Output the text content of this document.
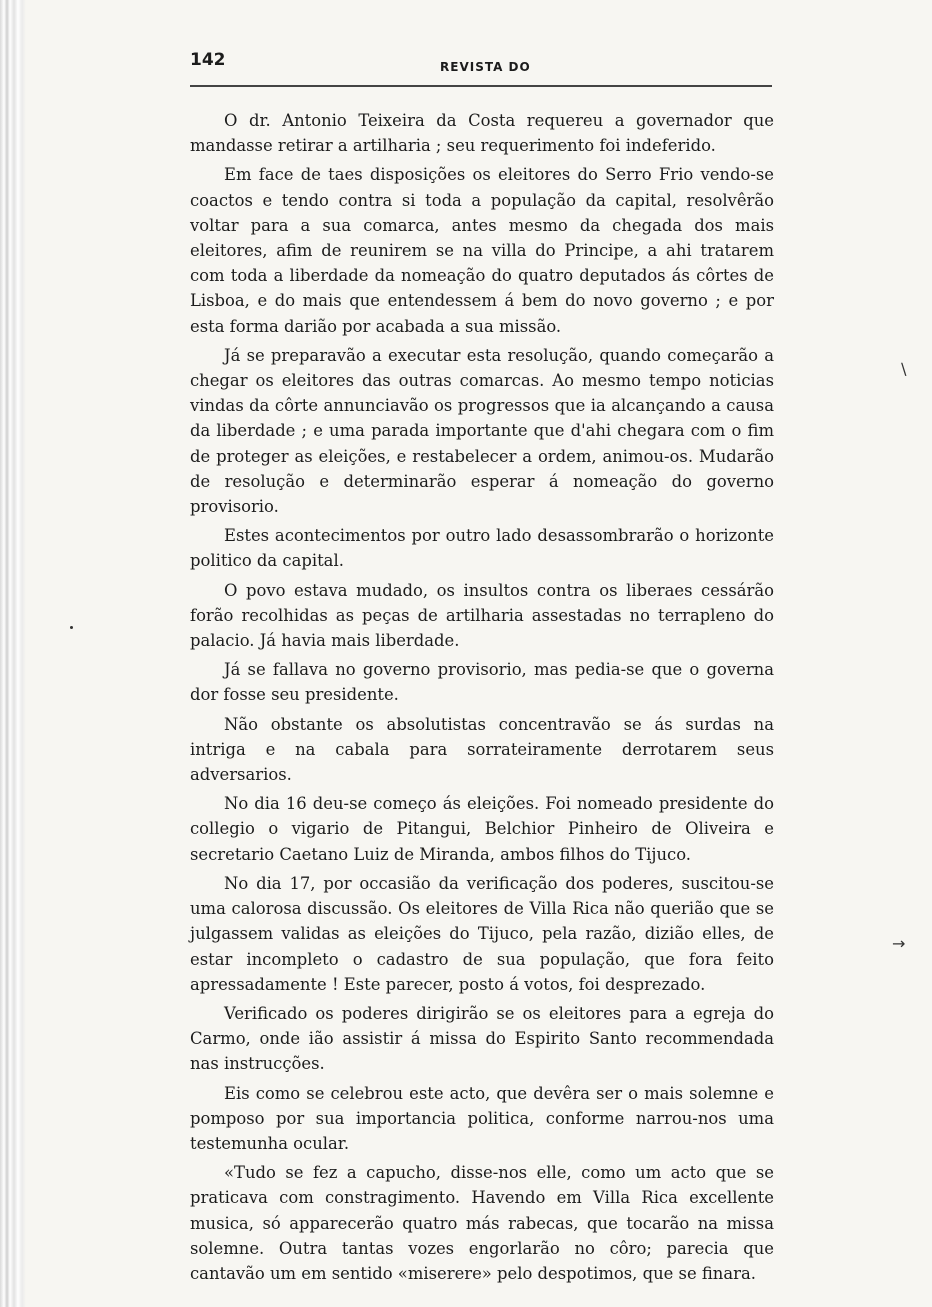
142	REVISTA DO

O dr. Antonio Teixeira da Costa requereu a governador que mandasse retirar a artilharia ; seu requerimento foi indeferido.

Em face de taes disposições os eleitores do Serro Frio vendo-se coactos e tendo contra si toda a população da capital, resolvêrão voltar para a sua comarca, antes mesmo da chegada dos mais eleitores, afim de reunirem se na villa do Principe, a ahi tratarem com toda a liberdade da nomeação do quatro deputados ás côrtes de Lisboa, e do mais que entendessem á bem do novo governo ; e por esta forma darião por acabada a sua missão.

Já se preparavão a executar esta resolução, quando começarão a chegar os eleitores das outras comarcas. Ao mesmo tempo noticias vindas da côrte annunciavão os progressos que ia alcançando a causa da liberdade ; e uma parada importante que d'ahi chegara com o fim de proteger as eleições, e restabelecer a ordem, animou-os. Mudarão de resolução e determinarão esperar á nomeação do governo provisorio.

Estes acontecimentos por outro lado desassombrarão o horizonte politico da capital.

O povo estava mudado, os insultos contra os liberaes cessárão forão recolhidas as peças de artilharia assestadas no terrapleno do palacio. Já havia mais liberdade.

Já se fallava no governo provisorio, mas pedia-se que o governa dor fosse seu presidente.

Não obstante os absolutistas concentravão se ás surdas na intriga e na cabala para sorrateiramente derrotarem seus adversarios.

No dia 16 deu-se começo ás eleições. Foi nomeado presidente do collegio o vigario de Pitangui, Belchior Pinheiro de Oliveira e secretario Caetano Luiz de Miranda, ambos filhos do Tijuco.

No dia 17, por occasião da verificação dos poderes, suscitou-se uma calorosa discussão. Os eleitores de Villa Rica não querião que se julgassem validas as eleições do Tijuco, pela razão, dizião elles, de estar incompleto o cadastro de sua população, que fora feito apressadamente ! Este parecer, posto á votos, foi desprezado.

Verificado os poderes dirigirão se os eleitores para a egreja do Carmo, onde ião assistir á missa do Espirito Santo recommendada nas instrucções.

Eis como se celebrou este acto, que devêra ser o mais solemne e pomposo por sua importancia politica, conforme narrou-nos uma testemunha ocular.

«Tudo se fez a capucho, disse-nos elle, como um acto que se praticava com constragimento. Havendo em Villa Rica excellente musica, só apparecerão quatro más rabecas, que tocarão na missa solemne. Outra tantas vozes engorlarão no côro; parecia que cantavão um em sentido «miserere» pelo despotimos, que se finara.

∖
→
